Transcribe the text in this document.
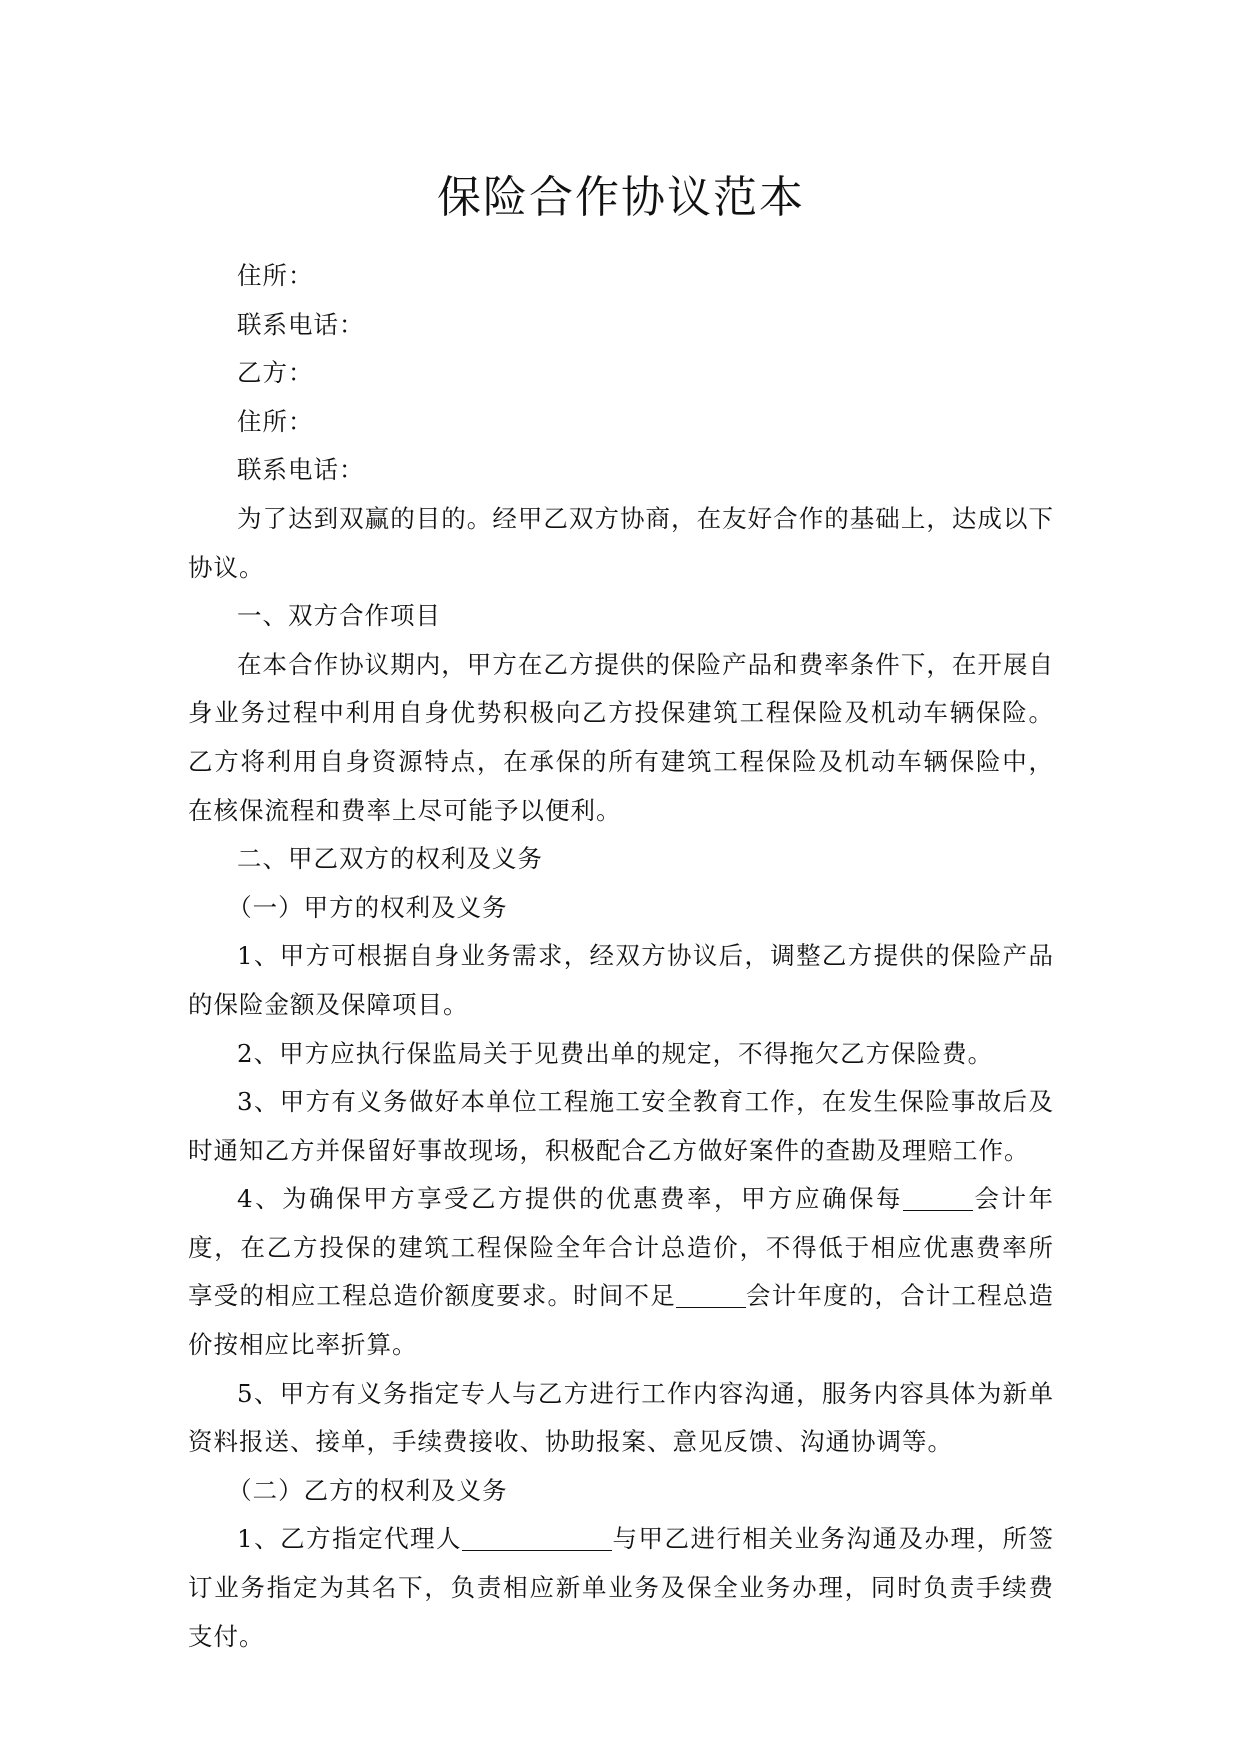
保险合作协议范本

住所：

联系电话：

乙方：

住所：

联系电话：

为了达到双赢的目的。经甲乙双方协商，在友好合作的基础上，达成以下协议。

一、双方合作项目

在本合作协议期内，甲方在乙方提供的保险产品和费率条件下，在开展自身业务过程中利用自身优势积极向乙方投保建筑工程保险及机动车辆保险。乙方将利用自身资源特点，在承保的所有建筑工程保险及机动车辆保险中，在核保流程和费率上尽可能予以便利。

二、甲乙双方的权利及义务

（一）甲方的权利及义务

1、甲方可根据自身业务需求，经双方协议后，调整乙方提供的保险产品的保险金额及保障项目。

2、甲方应执行保监局关于见费出单的规定，不得拖欠乙方保险费。

3、甲方有义务做好本单位工程施工安全教育工作，在发生保险事故后及时通知乙方并保留好事故现场，积极配合乙方做好案件的查勘及理赔工作。

4、为确保甲方享受乙方提供的优惠费率，甲方应确保每	会计年度，在乙方投保的建筑工程保险全年合计总造价，不得低于相应优惠费率所享受的相应工程总造价额度要求。时间不足	会计年度的，合计工程总造价按相应比率折算。

5、甲方有义务指定专人与乙方进行工作内容沟通，服务内容具体为新单资料报送、接单，手续费接收、协助报案、意见反馈、沟通协调等。

（二）乙方的权利及义务

1、乙方指定代理人	与甲乙进行相关业务沟通及办理，所签订业务指定为其名下，负责相应新单业务及保全业务办理，同时负责手续费支付。
